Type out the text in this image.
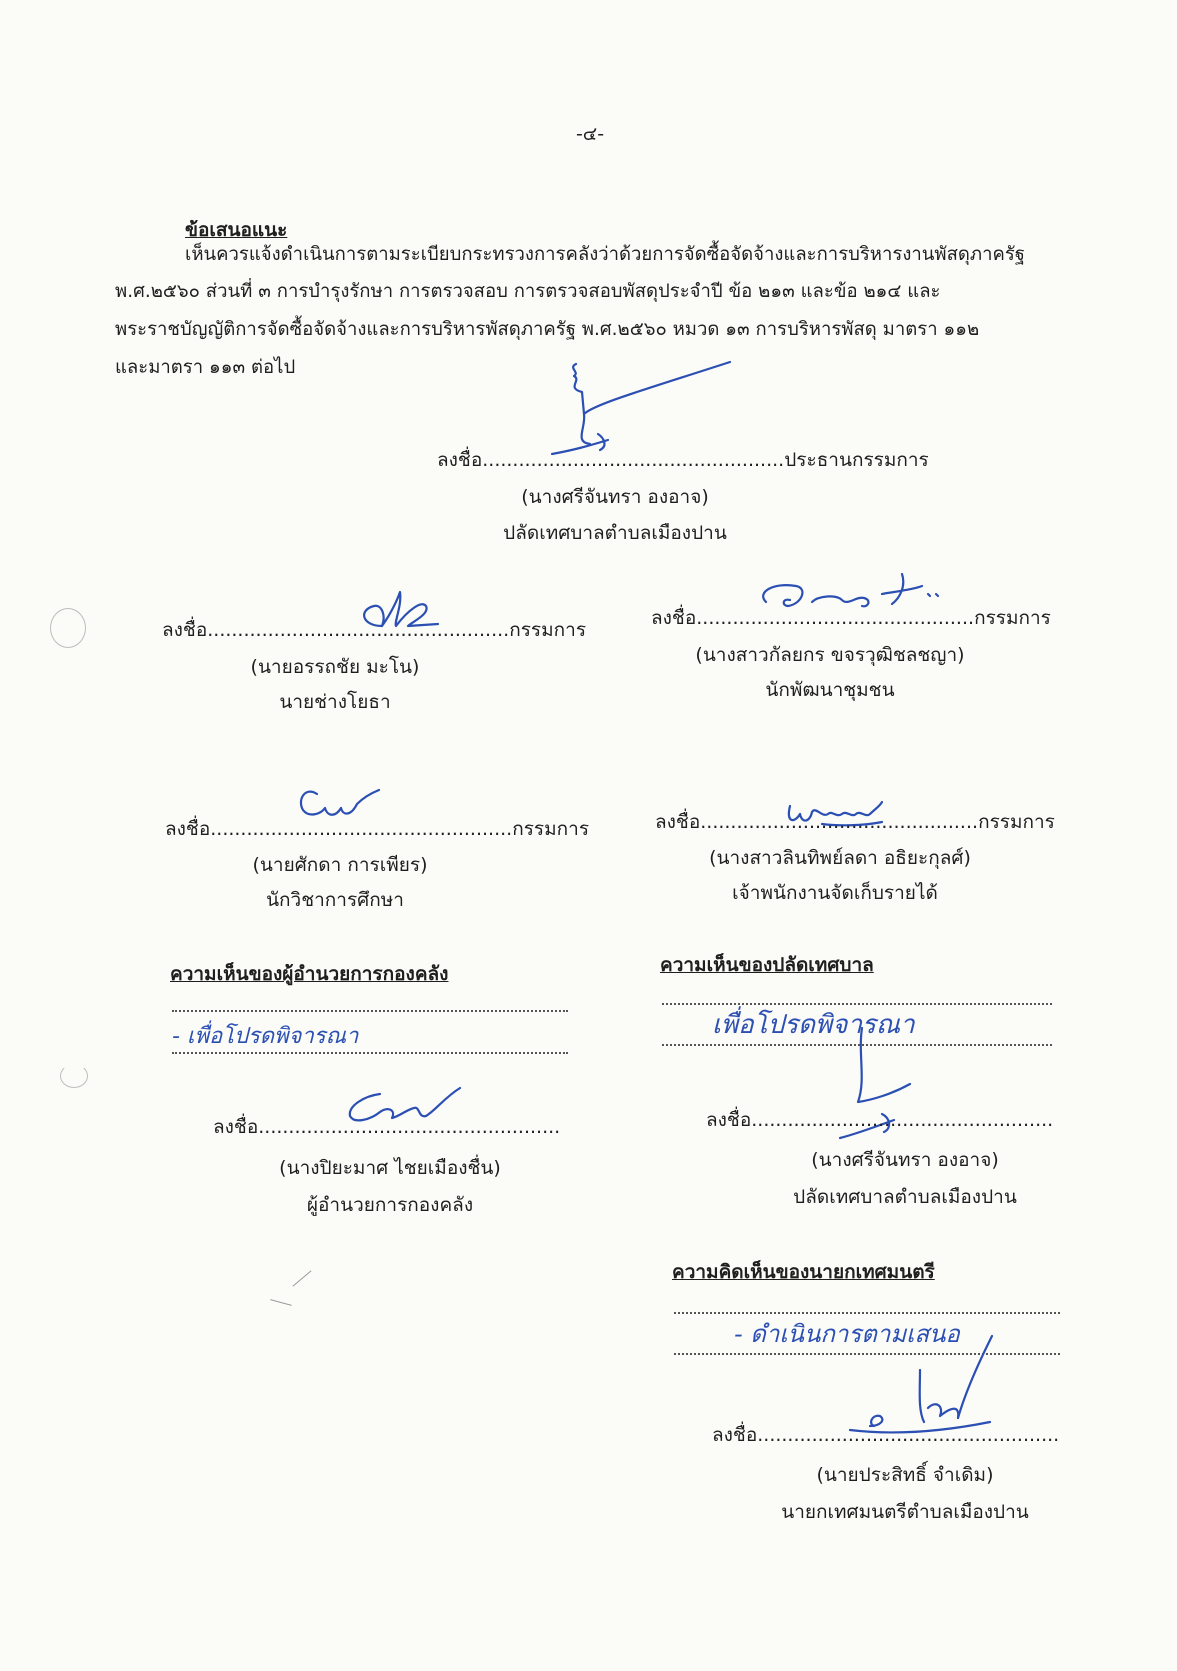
-๔-
ข้อเสนอแนะ
เห็นควรแจ้งดำเนินการตามระเบียบกระทรวงการคลังว่าด้วยการจัดซื้อจัดจ้างและการบริหารงานพัสดุภาครัฐ
พ.ศ.๒๕๖๐ ส่วนที่ ๓ การบำรุงรักษา การตรวจสอบ การตรวจสอบพัสดุประจำปี ข้อ ๒๑๓ และข้อ ๒๑๔ และ
พระราชบัญญัติการจัดซื้อจัดจ้างและการบริหารพัสดุภาครัฐ พ.ศ.๒๕๖๐ หมวด ๑๓ การบริหารพัสดุ มาตรา ๑๑๒
และมาตรา ๑๑๓ ต่อไป
ลงชื่อ..................................................ประธานกรรมการ
(นางศรีจันทรา องอาจ)
ปลัดเทศบาลตำบลเมืองปาน
ลงชื่อ..................................................กรรมการ
(นายอรรถชัย มะโน)
นายช่างโยธา
ลงชื่อ..............................................กรรมการ
(นางสาวกัลยกร ขจรวุฒิชลชญา)
นักพัฒนาชุมชน
ลงชื่อ..................................................กรรมการ
(นายศักดา การเพียร)
นักวิชาการศึกษา
ลงชื่อ..............................................กรรมการ
(นางสาวลินทิพย์ลดา อธิยะกุลศ์)
เจ้าพนักงานจัดเก็บรายได้
ความเห็นของผู้อำนวยการกองคลัง
- เพื่อโปรดพิจารณา
ลงชื่อ..................................................
(นางปิยะมาศ ไชยเมืองชื่น)
ผู้อำนวยการกองคลัง
ความเห็นของปลัดเทศบาล
เพื่อโปรดพิจารณา
ลงชื่อ..................................................
(นางศรีจันทรา องอาจ)
ปลัดเทศบาลตำบลเมืองปาน
ความคิดเห็นของนายกเทศมนตรี
- ดำเนินการตามเสนอ
ลงชื่อ..................................................
(นายประสิทธิ์ จำเดิม)
นายกเทศมนตรีตำบลเมืองปาน
